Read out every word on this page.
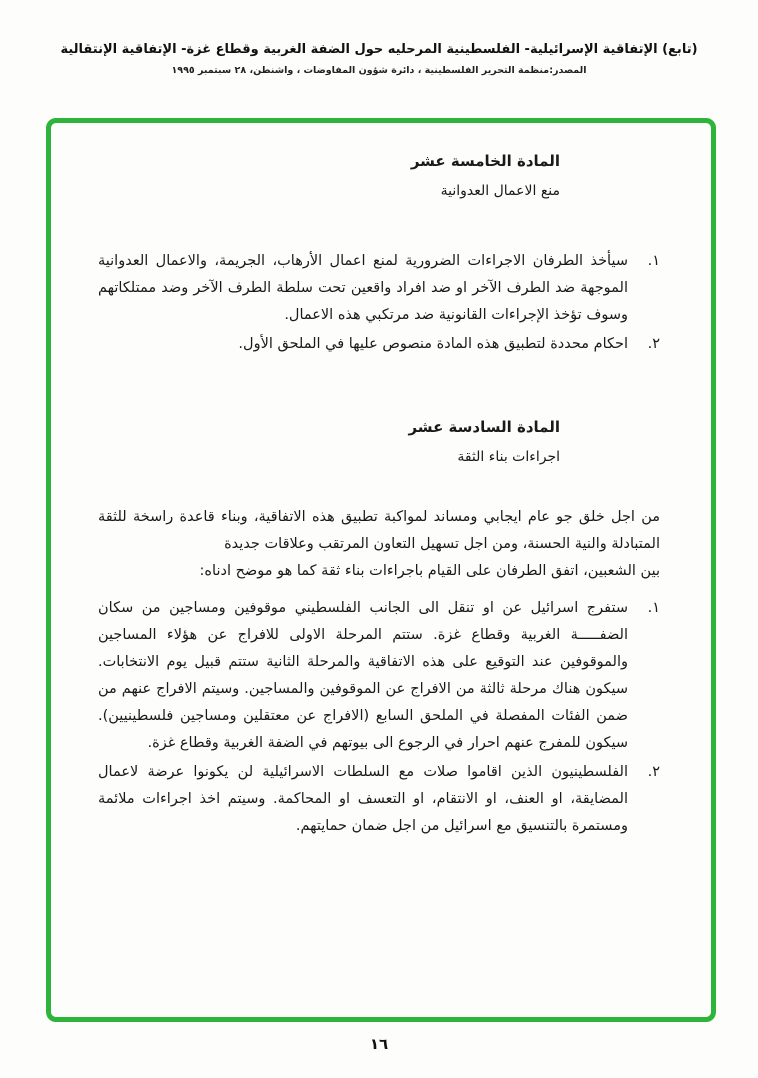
(تابع) الإتفاقية الإسرائيلية- الفلسطينية المرحليه حول الضفة الغربية وقطاع غزة- الإتفاقية الإنتقالية
المصدر:منظمة التحرير الفلسطينية ، دائرة شؤون المفاوضات ، واشنطن، ٢٨ سبتمبر ١٩٩٥
المادة الخامسة عشر
منع الاعمال العدوانية
١.
سيأخذ الطرفان الاجراءات الضرورية لمنع اعمال الأرهاب، الجريمة، والاعمال العدوانية الموجهة ضد الطرف الآخر او ضد افراد واقعين تحت سلطة الطرف الآخر وضد ممتلكاتهم وسوف تؤخذ الإجراءات القانونية ضد مرتكبي هذه الاعمال.
٢.
احكام محددة لتطبيق هذه المادة منصوص عليها في الملحق الأول.
المادة السادسة عشر
اجراءات بناء الثقة

من اجل خلق جو عام ايجابي ومساند لمواكبة تطبيق هذه الاتفاقية، وبناء قاعدة راسخة للثقة المتبادلة والنية الحسنة، ومن اجل تسهيل التعاون المرتقب وعلاقات جديدة

بين الشعبين، اتفق الطرفان على القيام باجراءات بناء ثقة كما هو موضح ادناه:

١.
ستفرج اسرائيل عن او تنقل الى الجانب الفلسطيني موقوفين ومساجين من سكان الضفـــــة الغربية وقطاع غزة. ستتم المرحلة الاولى للافراج عن هؤلاء المساجين والموقوفين عند التوقيع على هذه الاتفاقية والمرحلة الثانية ستتم قبيل يوم الانتخابات. سيكون هناك مرحلة ثالثة من الافراج عن الموقوفين والمساجين. وسيتم الافراج عنهم من ضمن الفئات المفصلة في الملحق السابع (الافراج عن معتقلين ومساجين فلسطينيين). سيكون للمفرج عنهم احرار في الرجوع الى بيوتهم في الضفة الغربية وقطاع غزة.
٢.
الفلسطينيون الذين اقاموا صلات مع السلطات الاسرائيلية لن يكونوا عرضة لاعمال المضايقة، او العنف، او الانتقام، او التعسف او المحاكمة. وسيتم اخذ اجراءات ملائمة ومستمرة بالتنسيق مع اسرائيل من اجل ضمان حمايتهم.
١٦
